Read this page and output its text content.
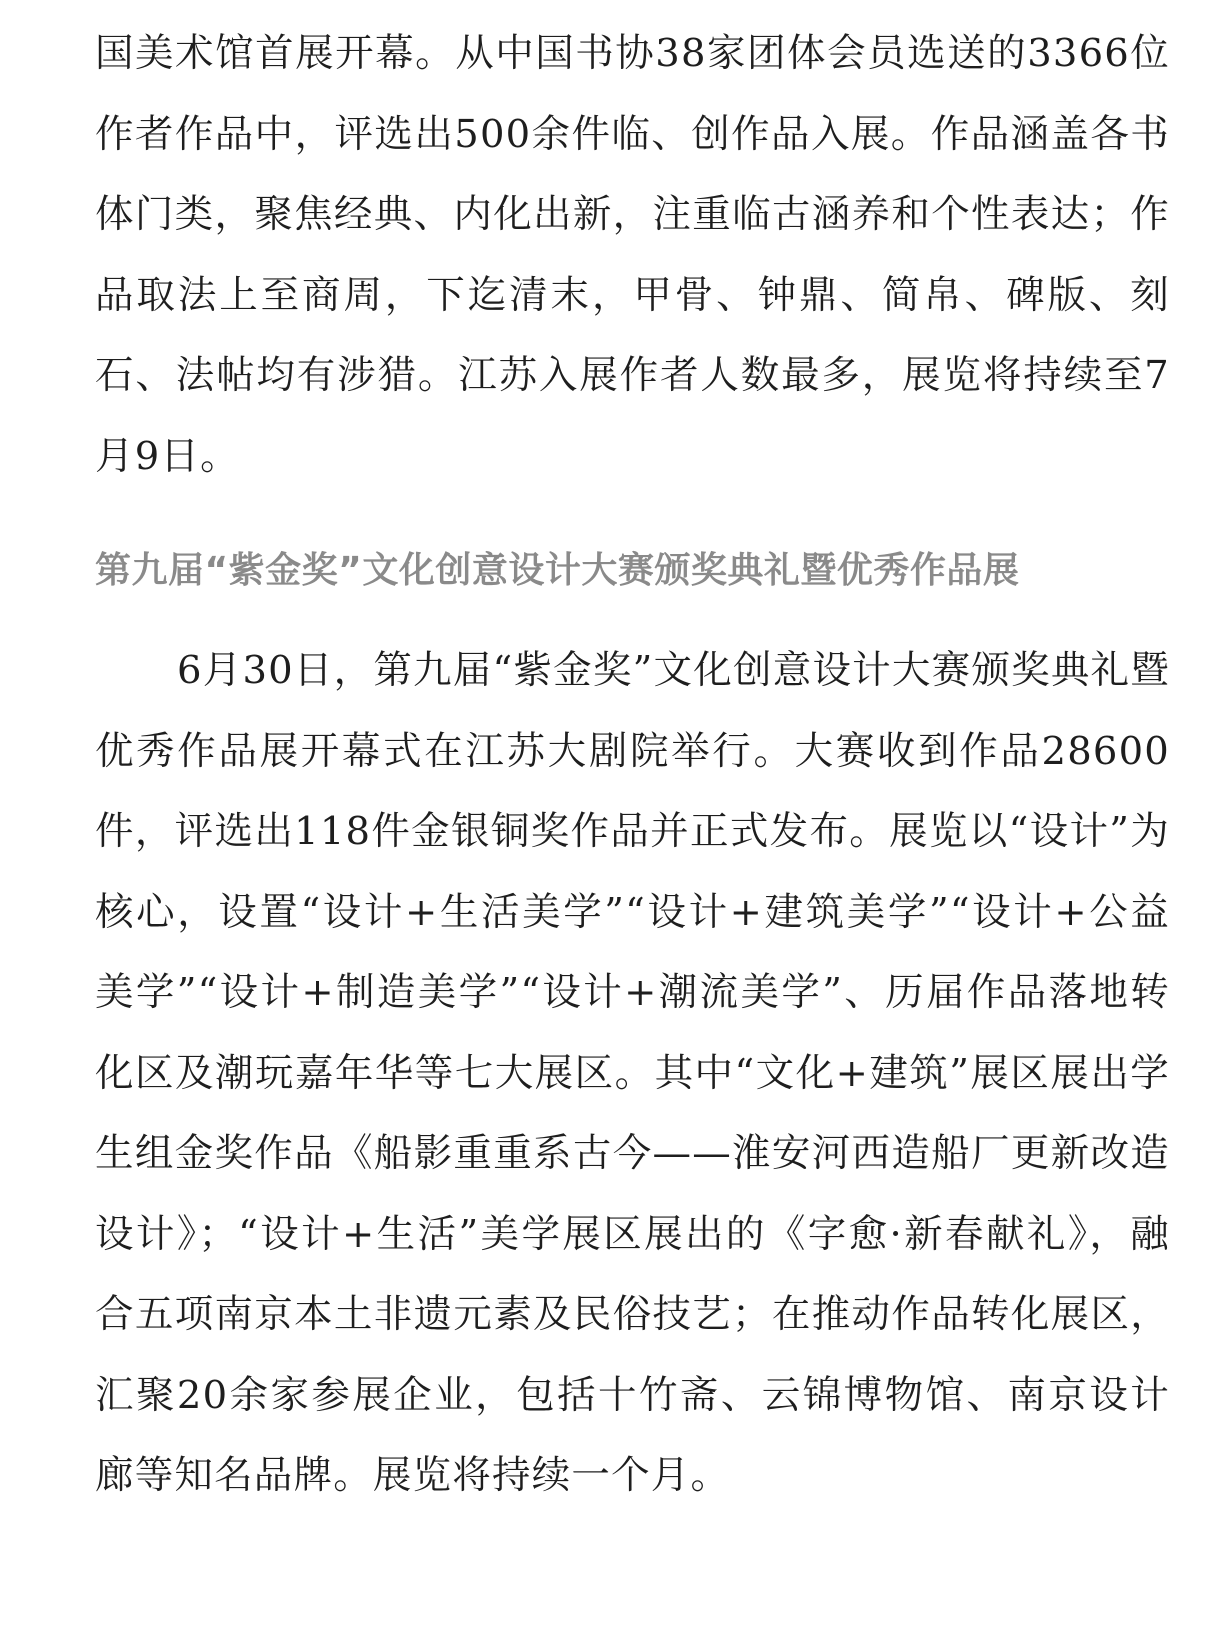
国美术馆首展开幕。从中国书协38家团体会员选送的3366位作者作品中，评选出500余件临、创作品入展。作品涵盖各书体门类，聚焦经典、内化出新，注重临古涵养和个性表达；作品取法上至商周，下迄清末，甲骨、钟鼎、简帛、碑版、刻石、法帖均有涉猎。江苏入展作者人数最多，展览将持续至7月9日。

第九届“紫金奖”文化创意设计大赛颁奖典礼暨优秀作品展

6月30日，第九届“紫金奖”文化创意设计大赛颁奖典礼暨优秀作品展开幕式在江苏大剧院举行。大赛收到作品28600件，评选出118件金银铜奖作品并正式发布。展览以“设计”为核心，设置“设计+生活美学”“设计+建筑美学”“设计+公益美学”“设计+制造美学”“设计+潮流美学”、历届作品落地转化区及潮玩嘉年华等七大展区。其中“文化+建筑”展区展出学生组金奖作品《船影重重系古今——淮安河西造船厂更新改造设计》；“设计+生活”美学展区展出的《字愈·新春献礼》，融合五项南京本土非遗元素及民俗技艺；在推动作品转化展区，汇聚20余家参展企业，包括十竹斋、云锦博物馆、南京设计廊等知名品牌。展览将持续一个月。
